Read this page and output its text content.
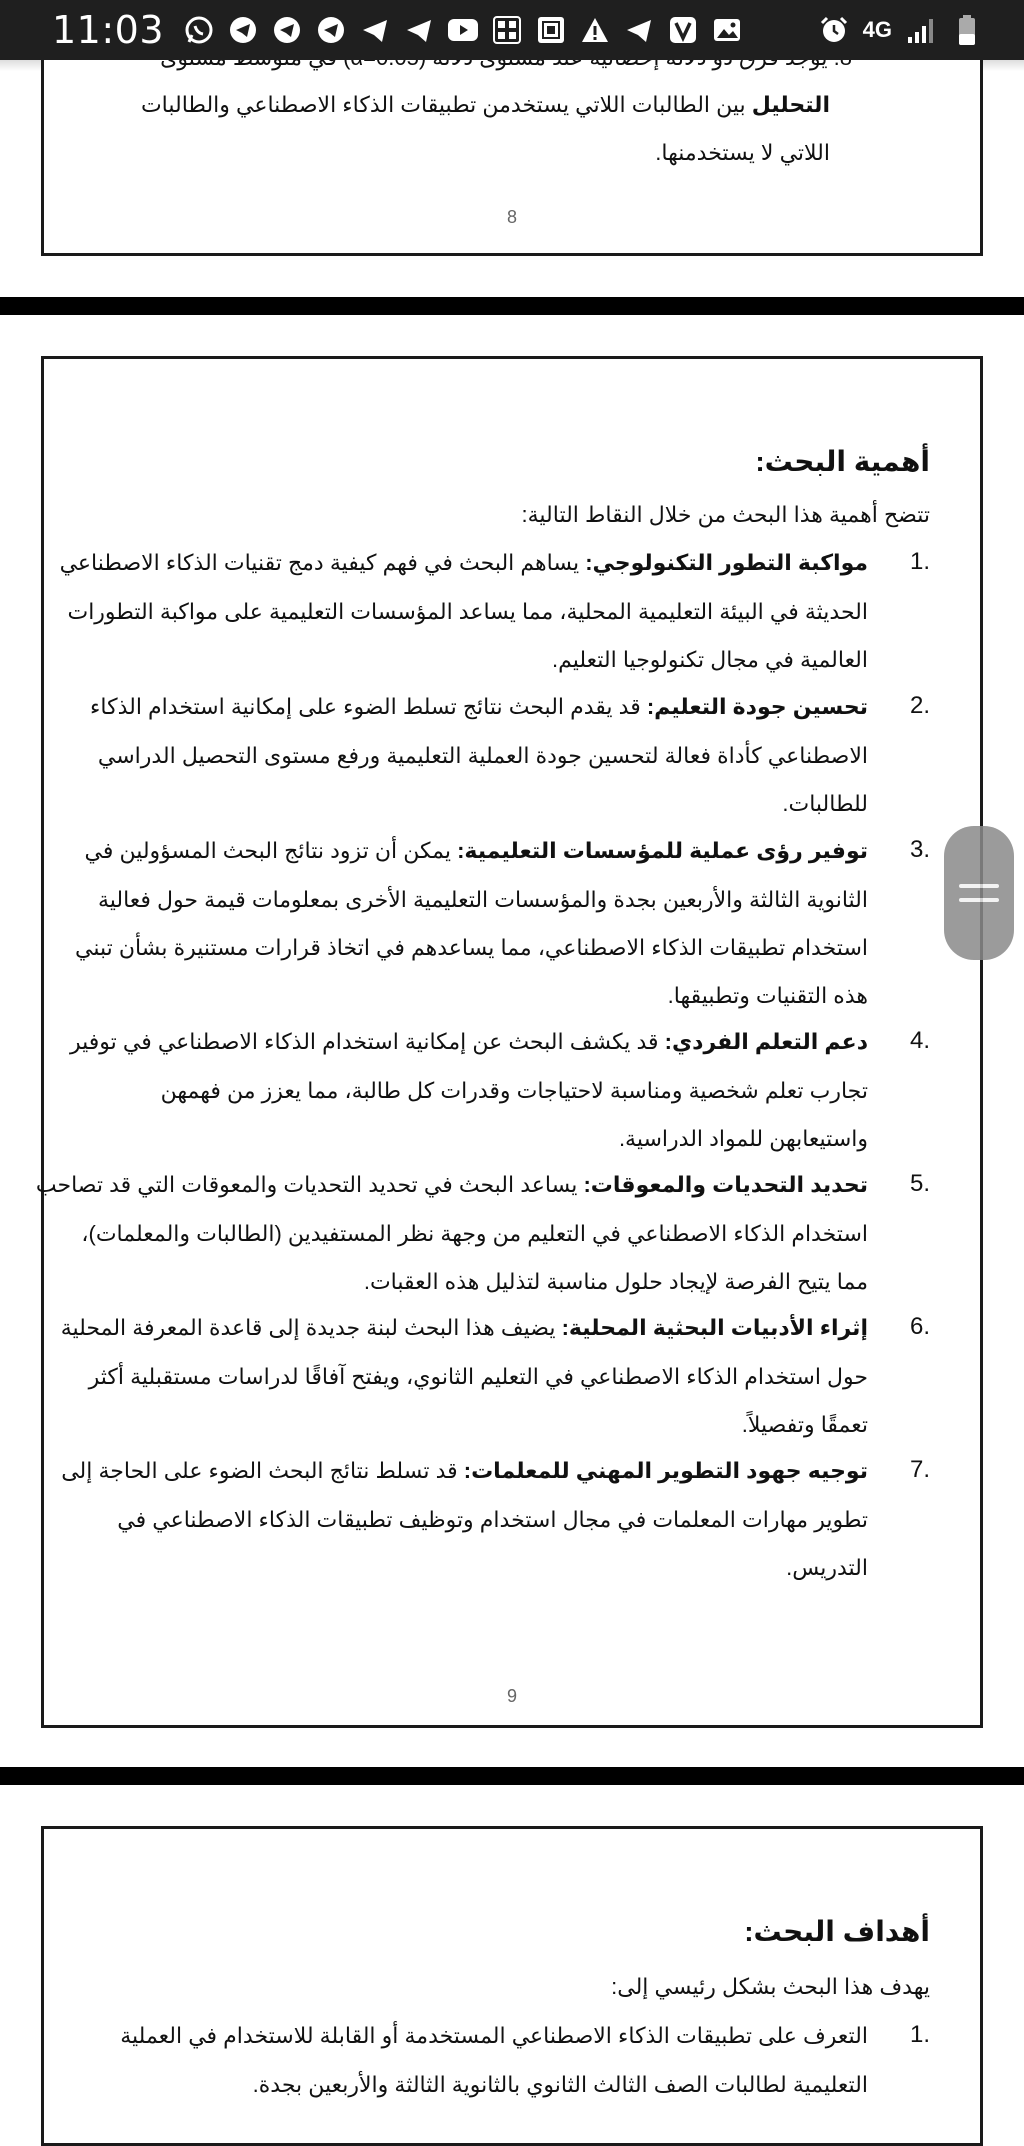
11:03	4G
التحليل بين الطالبات اللاتي يستخدمن تطبيقات الذكاء الاصطناعي والطالبات
اللاتي لا يستخدمنها.
8
أهمية البحث:
تتضح أهمية هذا البحث من خلال النقاط التالية:
1.
مواكبة التطور التكنولوجي: يساهم البحث في فهم كيفية دمج تقنيات الذكاء الاصطناعي
الحديثة في البيئة التعليمية المحلية، مما يساعد المؤسسات التعليمية على مواكبة التطورات
العالمية في مجال تكنولوجيا التعليم.
2.
تحسين جودة التعليم: قد يقدم البحث نتائج تسلط الضوء على إمكانية استخدام الذكاء
الاصطناعي كأداة فعالة لتحسين جودة العملية التعليمية ورفع مستوى التحصيل الدراسي
للطالبات.
3.
توفير رؤى عملية للمؤسسات التعليمية: يمكن أن تزود نتائج البحث المسؤولين في
الثانوية الثالثة والأربعين بجدة والمؤسسات التعليمية الأخرى بمعلومات قيمة حول فعالية
استخدام تطبيقات الذكاء الاصطناعي، مما يساعدهم في اتخاذ قرارات مستنيرة بشأن تبني
هذه التقنيات وتطبيقها.
4.
دعم التعلم الفردي: قد يكشف البحث عن إمكانية استخدام الذكاء الاصطناعي في توفير
تجارب تعلم شخصية ومناسبة لاحتياجات وقدرات كل طالبة، مما يعزز من فهمهن
واستيعابهن للمواد الدراسية.
5.
تحديد التحديات والمعوقات: يساعد البحث في تحديد التحديات والمعوقات التي قد تصاحب
استخدام الذكاء الاصطناعي في التعليم من وجهة نظر المستفيدين (الطالبات والمعلمات)،
مما يتيح الفرصة لإيجاد حلول مناسبة لتذليل هذه العقبات.
6.
إثراء الأدبيات البحثية المحلية: يضيف هذا البحث لبنة جديدة إلى قاعدة المعرفة المحلية
حول استخدام الذكاء الاصطناعي في التعليم الثانوي، ويفتح آفاقًا لدراسات مستقبلية أكثر
تعمقًا وتفصيلاً.
7.
توجيه جهود التطوير المهني للمعلمات: قد تسلط نتائج البحث الضوء على الحاجة إلى
تطوير مهارات المعلمات في مجال استخدام وتوظيف تطبيقات الذكاء الاصطناعي في
التدريس.
9
أهداف البحث:
يهدف هذا البحث بشكل رئيسي إلى:
1.
التعرف على تطبيقات الذكاء الاصطناعي المستخدمة أو القابلة للاستخدام في العملية
التعليمية لطالبات الصف الثالث الثانوي بالثانوية الثالثة والأربعين بجدة.
